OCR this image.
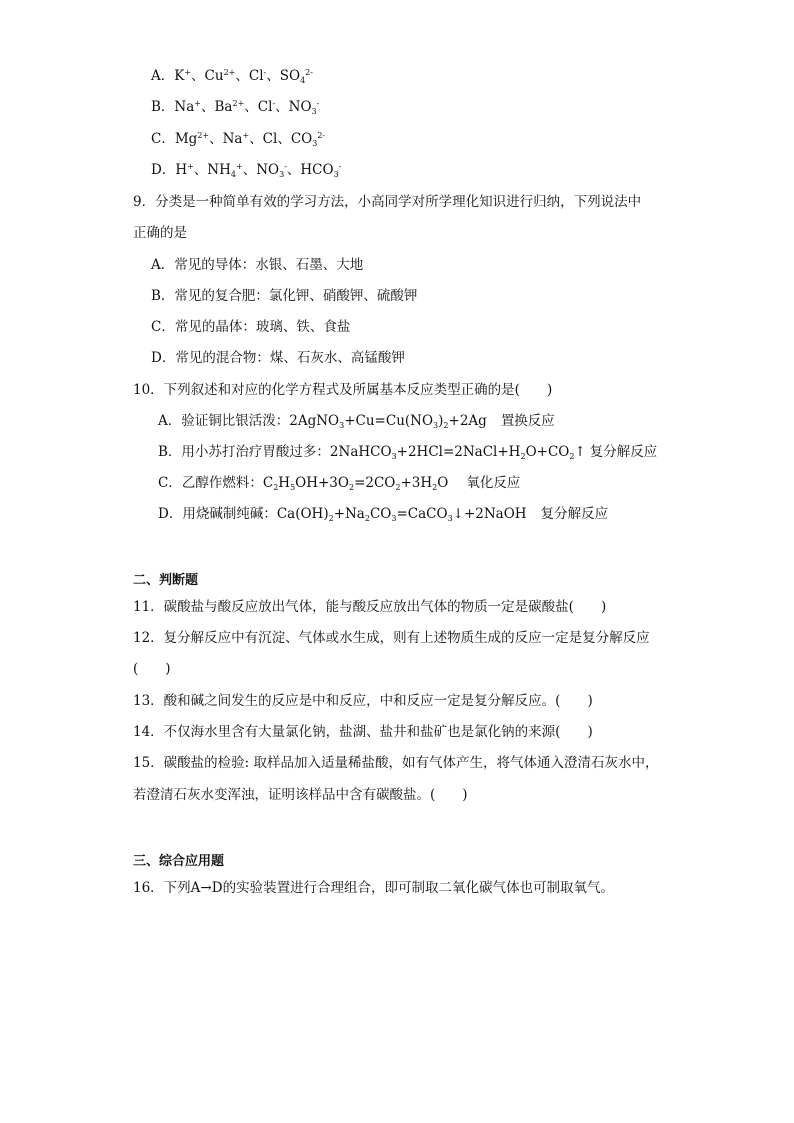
A．K+、$Cu^{2+}$、Cl-、$SO_4^{2-}$
B．Na+、$Ba^{2+}$、Cl-、$NO_3^-$
C．$Mg^{2+}$、Na+、Cl、$CO_3^{2-}$
D．H+、$NH_4^+$、$NO_3^-$、$HCO_3^-$
9．分类是一种简单有效的学习方法，小高同学对所学理化知识进行归纳，下列说法中
正确的是
A．常见的导体：水银、石墨、大地
B．常见的复合肥：氯化钾、硝酸钾、硫酸钾
C．常见的晶体：玻璃、铁、食盐
D．常见的混合物：煤、石灰水、高锰酸钾
10．下列叙述和对应的化学方程式及所属基本反应类型正确的是(　　)
A．验证铜比银活泼：$2AgNO_3+Cu=Cu(NO_3)_2+2Ag$ 置换反应
B．用小苏打治疗胃酸过多：$2NaHCO_3+2HCl=2NaCl+H_2O+CO_2↑$ 复分解反应
C．乙醇作燃料：$C_2H_5OH+3O_2=2CO_2+3H_2O$ 氧化反应
D．用烧碱制纯碱：$Ca(OH)_2+Na_2CO_3=CaCO_3↓+2NaOH$ 复分解反应
二、判断题
11．碳酸盐与酸反应放出气体，能与酸反应放出气体的物质一定是碳酸盐(　　)
12．复分解反应中有沉淀、气体或水生成，则有上述物质生成的反应一定是复分解反应
(　　)
13．酸和碱之间发生的反应是中和反应，中和反应一定是复分解反应。(　　)
14．不仅海水里含有大量氯化钠，盐湖、盐井和盐矿也是氯化钠的来源(　　)
15．碳酸盐的检验: 取样品加入适量稀盐酸，如有气体产生，将气体通入澄清石灰水中，
若澄清石灰水变浑浊，证明该样品中含有碳酸盐。(　　)
三、综合应用题
16．下列A→D的实验装置进行合理组合，即可制取二氧化碳气体也可制取氧气。
